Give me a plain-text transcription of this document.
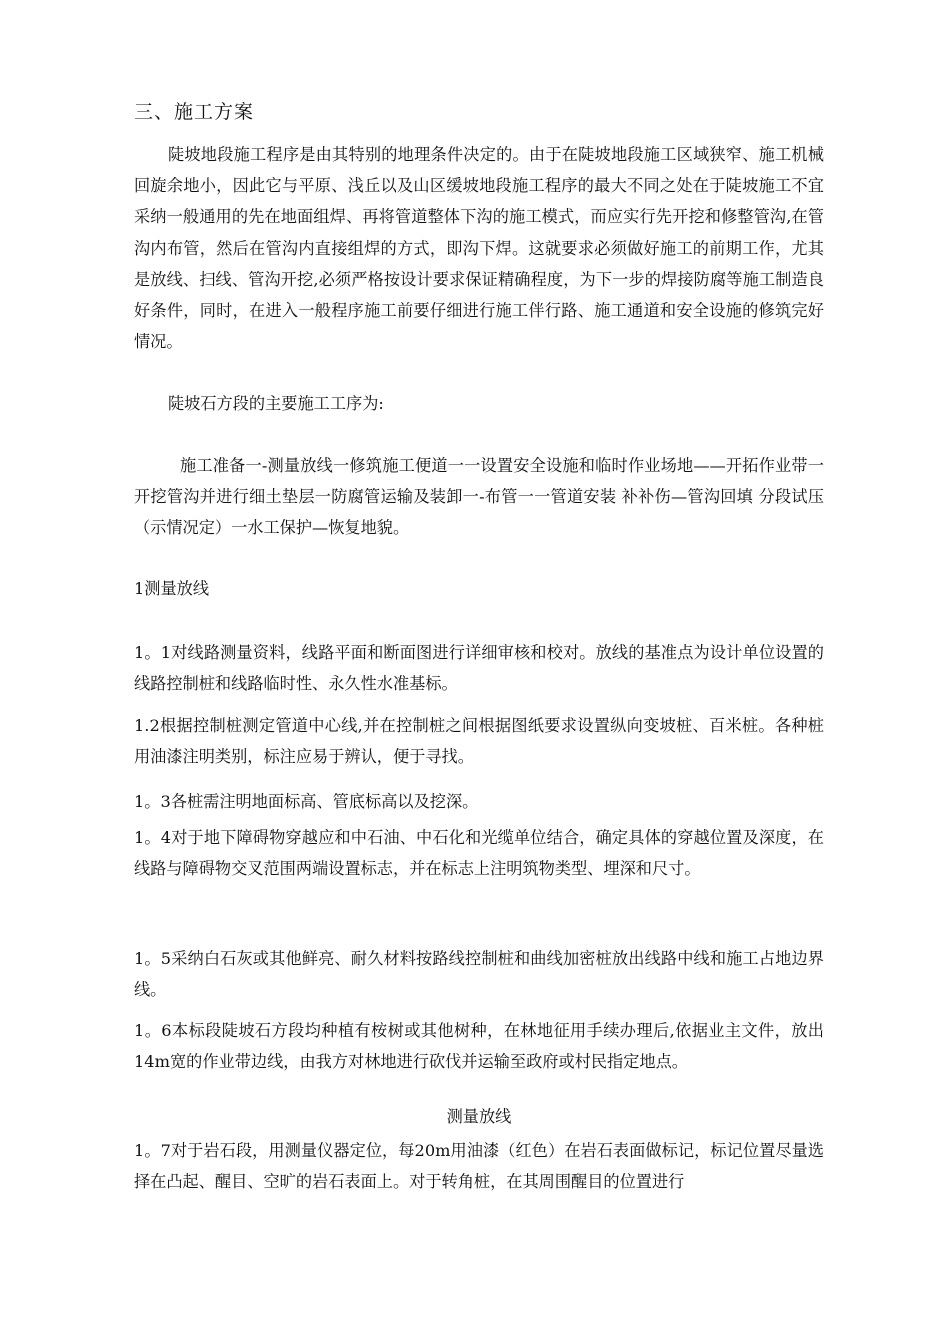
三、施工方案

陡坡地段施工程序是由其特别的地理条件决定的。由于在陡坡地段施工区域狭窄、施工机械回旋余地小，因此它与平原、浅丘以及山区缓坡地段施工程序的最大不同之处在于陡坡施工不宜采纳一般通用的先在地面组焊、再将管道整体下沟的施工模式，而应实行先开挖和修整管沟,在管沟内布管，然后在管沟内直接组焊的方式，即沟下焊。这就要求必须做好施工的前期工作，尤其是放线、扫线、管沟开挖,必须严格按设计要求保证精确程度，为下一步的焊接防腐等施工制造良好条件，同时，在进入一般程序施工前要仔细进行施工伴行路、施工通道和安全设施的修筑完好情况。

陡坡石方段的主要施工工序为:

施工准备一-测量放线一修筑施工便道一一设置安全设施和临时作业场地——开拓作业带一开挖管沟并进行细土垫层一防腐管运输及装卸一-布管一一管道安装 补补伤—管沟回填 分段试压（示情况定）一水工保护—恢复地貌。

1测量放线

1。1对线路测量资料，线路平面和断面图进行详细审核和校对。放线的基准点为设计单位设置的线路控制桩和线路临时性、永久性水准基标。

1.2根据控制桩测定管道中心线,并在控制桩之间根据图纸要求设置纵向变坡桩、百米桩。各种桩用油漆注明类别，标注应易于辨认，便于寻找。

1。3各桩需注明地面标高、管底标高以及挖深。

1。4对于地下障碍物穿越应和中石油、中石化和光缆单位结合，确定具体的穿越位置及深度，在线路与障碍物交叉范围两端设置标志，并在标志上注明筑物类型、埋深和尺寸。

1。5采纳白石灰或其他鲜亮、耐久材料按路线控制桩和曲线加密桩放出线路中线和施工占地边界线。

1。6本标段陡坡石方段均种植有桉树或其他树种，在林地征用手续办理后,依据业主文件，放出14m宽的作业带边线，由我方对林地进行砍伐并运输至政府或村民指定地点。

测量放线

1。7对于岩石段，用测量仪器定位，每20m用油漆（红色）在岩石表面做标记，标记位置尽量选择在凸起、醒目、空旷的岩石表面上。对于转角桩，在其周围醒目的位置进行
